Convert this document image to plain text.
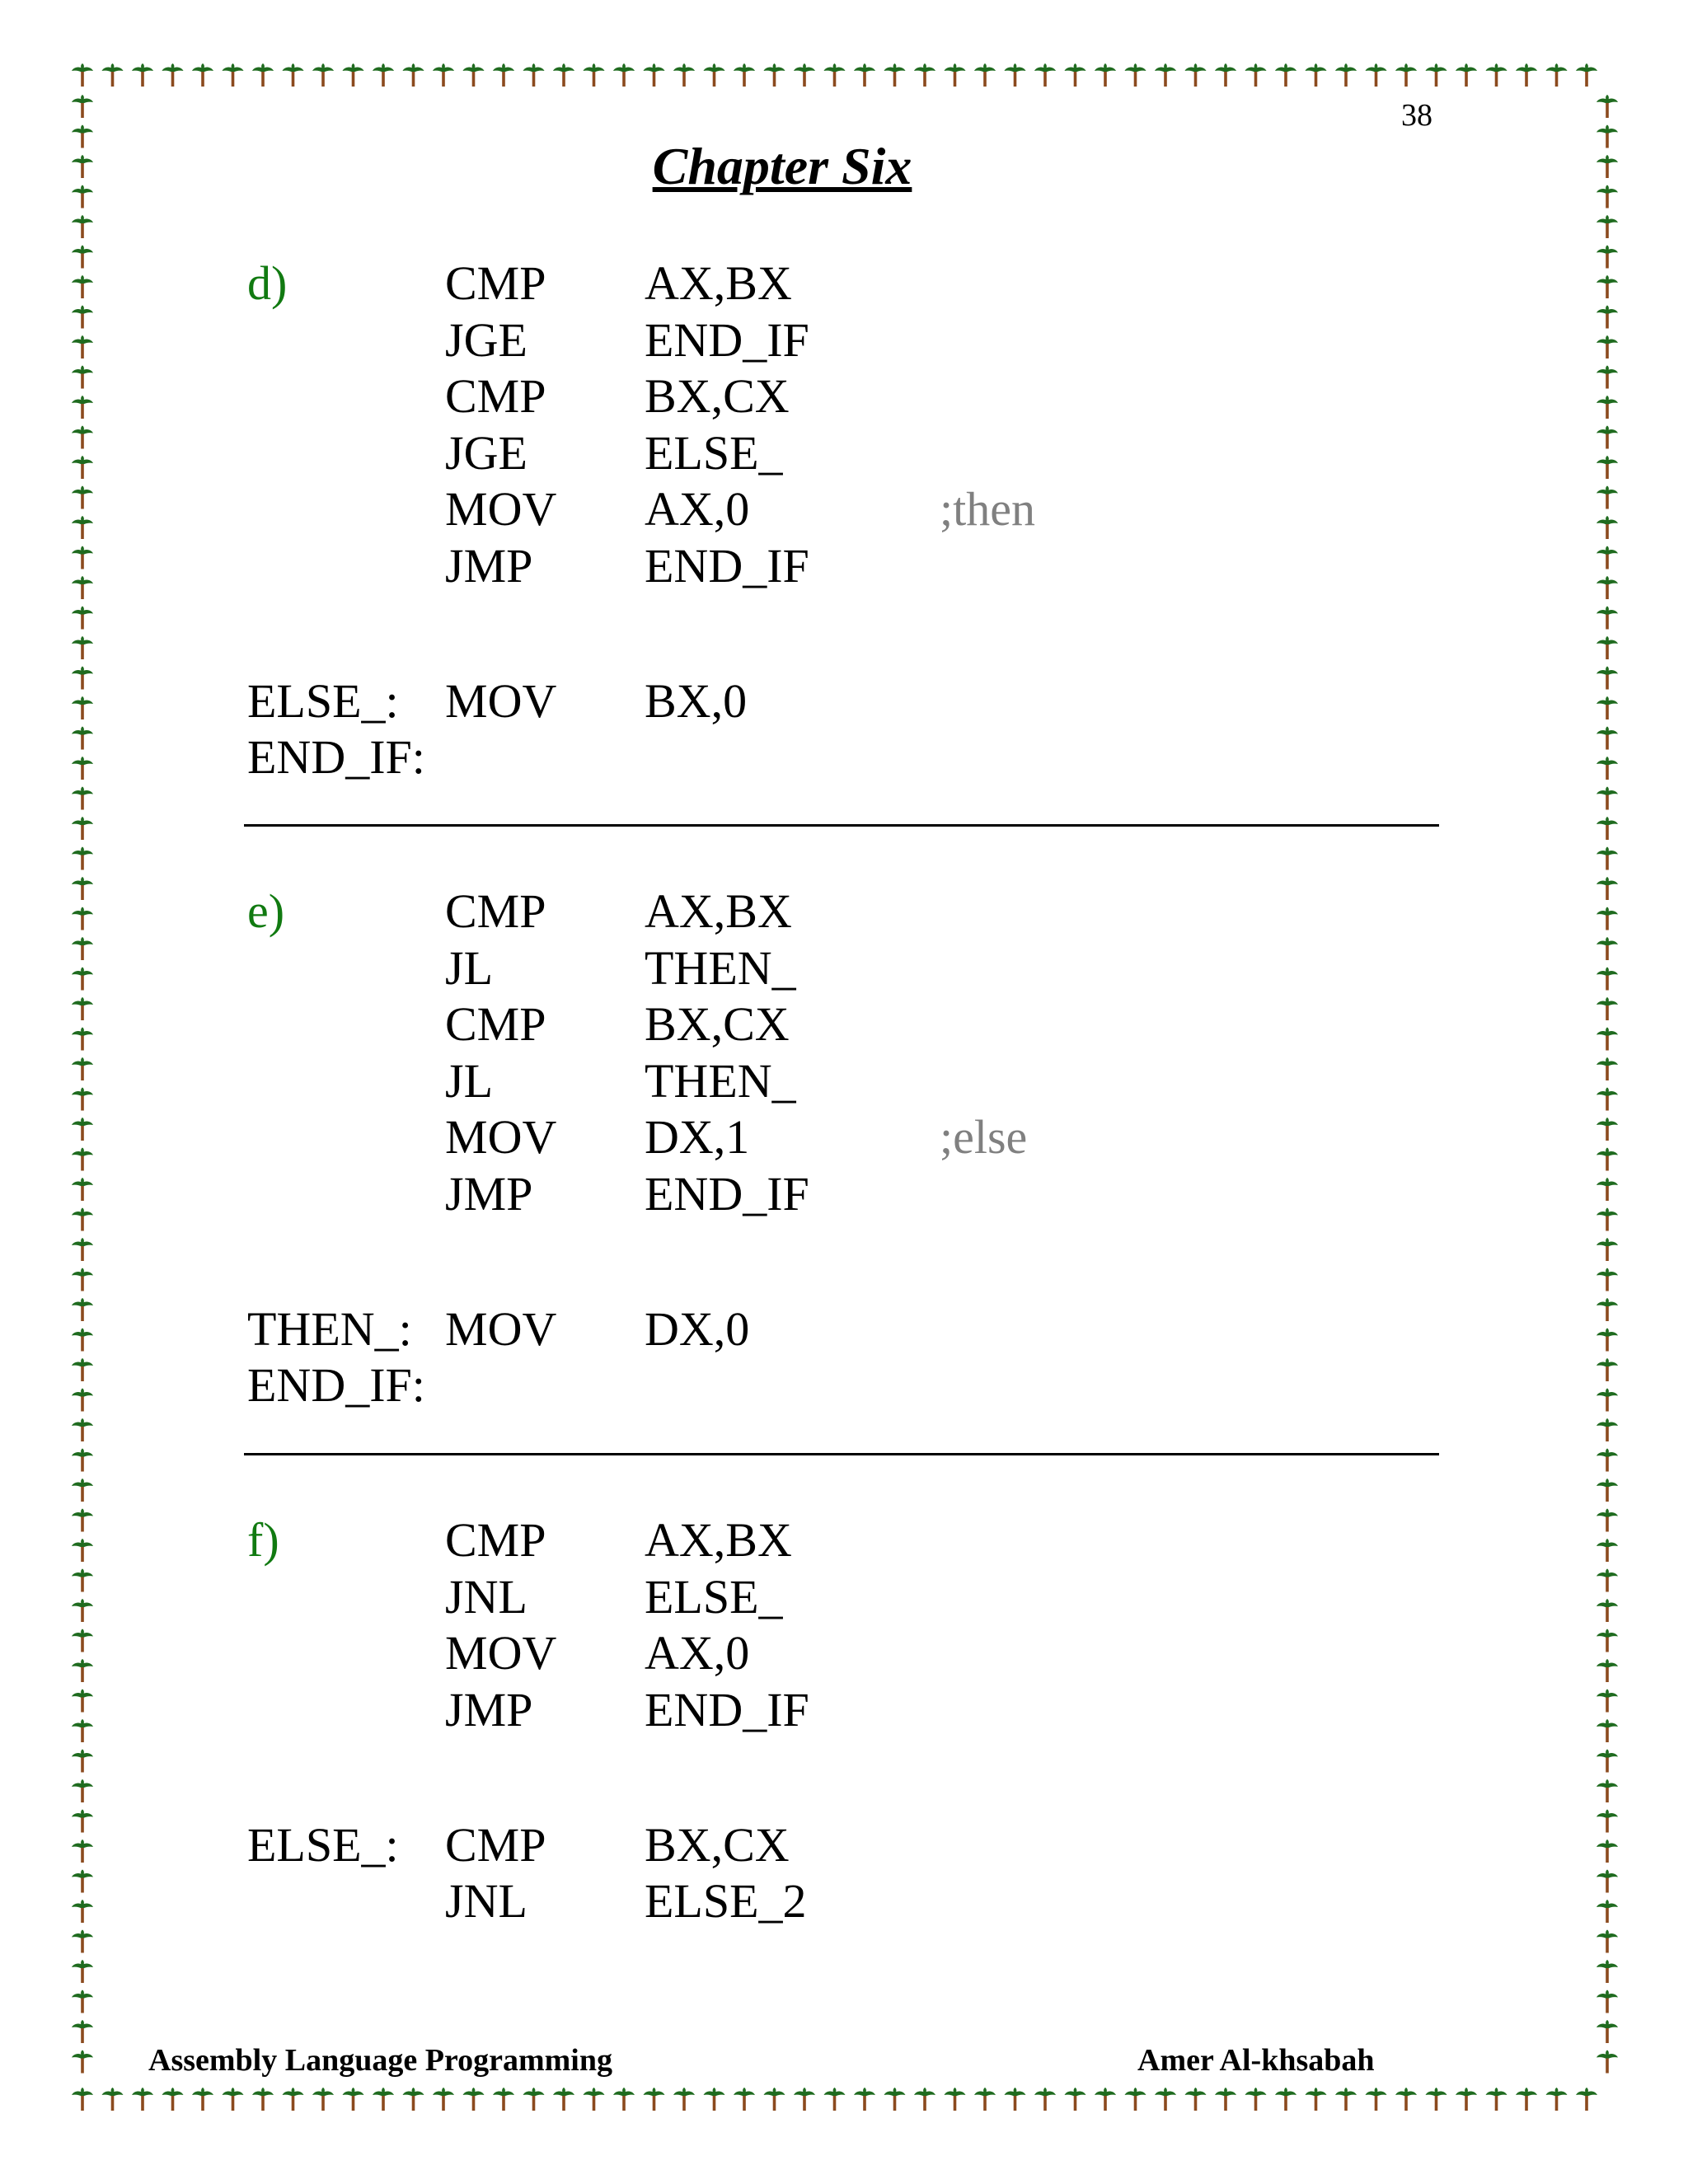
38
Chapter Six
d)	CMP AX,BX
JGE END_IF
CMP BX,CX
JGE ELSE_
MOV AX,0	;then
JMP END_IF
ELSE_: MOV BX,0
END_IF:
e)	CMP AX,BX
JL	THEN_
CMP BX,CX
JL	THEN_
MOV DX,1	;else
JMP END_IF
THEN_: MOV DX,0
END_IF:
f)	CMP AX,BX
JNL ELSE_
MOV AX,0
JMP END_IF
ELSE_: CMP BX,CX
JNL ELSE_2
Assembly Language Programming	Amer Al-khsabah
